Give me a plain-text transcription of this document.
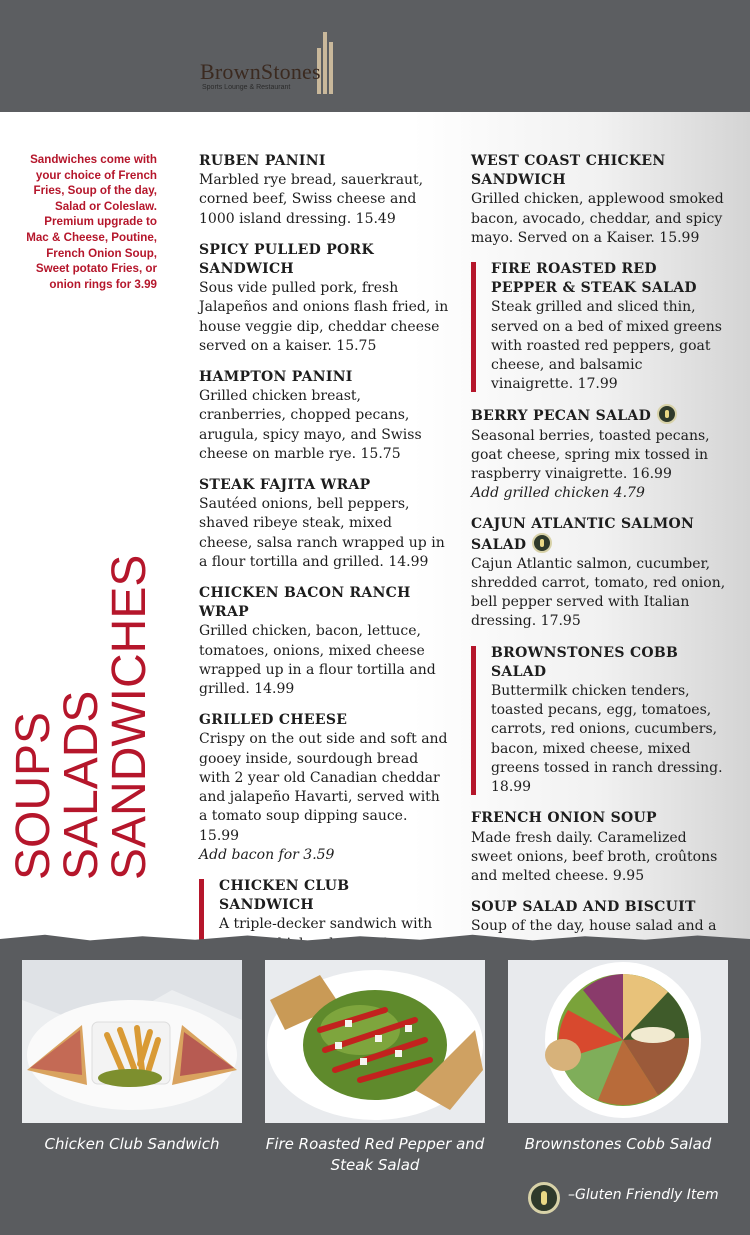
BrownStones
Sports Lounge & Restaurant
Sandwiches come with your choice of French Fries, Soup of the day, Salad or Coleslaw. Premium upgrade to Mac & Cheese, Poutine, French Onion Soup, Sweet potato Fries, or onion rings for 3.99
SOUPS
SALADS
SANDWICHES
RUBEN PANINI

Marbled rye bread, sauerkraut, corned beef, Swiss cheese and 1000 island dressing. 15.49

SPICY PULLED PORK SANDWICH

Sous vide pulled pork, fresh Jalapeños and onions flash fried, in house veggie dip, cheddar cheese served on a kaiser. 15.75

HAMPTON PANINI

Grilled chicken breast, cranberries, chopped pecans, arugula, spicy mayo, and Swiss cheese on marble rye. 15.75

STEAK FAJITA WRAP

Sautéed onions, bell peppers, shaved ribeye steak, mixed cheese, salsa ranch wrapped up in a flour tortilla and grilled. 14.99

CHICKEN BACON RANCH WRAP

Grilled chicken, bacon, lettuce, tomatoes, onions, mixed cheese wrapped up in a flour tortilla and grilled. 14.99

GRILLED CHEESE

Crispy on the out side and soft and gooey inside, sourdough bread with 2 year old Canadian cheddar and jalapeño Havarti, served with a tomato soup dipping sauce. 15.99

Add bacon for 3.59

CHICKEN CLUB SANDWICH

A triple-decker sandwich with

WEST COAST CHICKEN SANDWICH

Grilled chicken, applewood smoked bacon, avocado, cheddar, and spicy mayo. Served on a Kaiser. 15.99

FIRE ROASTED RED PEPPER & STEAK SALAD

Steak grilled and sliced thin, served on a bed of mixed greens with roasted red peppers, goat cheese, and balsamic vinaigrette. 17.99

BERRY PECAN SALAD

Seasonal berries, toasted pecans, goat cheese, spring mix tossed in raspberry vinaigrette. 16.99

Add grilled chicken 4.79

CAJUN ATLANTIC SALMON SALAD

Cajun Atlantic salmon, cucumber, shredded carrot, tomato, red onion, bell pepper served with Italian dressing. 17.95

BROWNSTONES COBB SALAD

Buttermilk chicken tenders, toasted pecans, egg, tomatoes, carrots, red onions, cucumbers, bacon, mixed cheese, mixed greens tossed in ranch dressing. 18.99

FRENCH ONION SOUP

Made fresh daily. Caramelized sweet onions, beef broth, croûtons and melted cheese. 9.95

SOUP SALAD AND BISCUIT

Soup of the day, house salad and a

Chicken Club Sandwich	Fire Roasted Red Pepper and Steak Salad
Brownstones Cobb Salad
–Gluten Friendly Item
